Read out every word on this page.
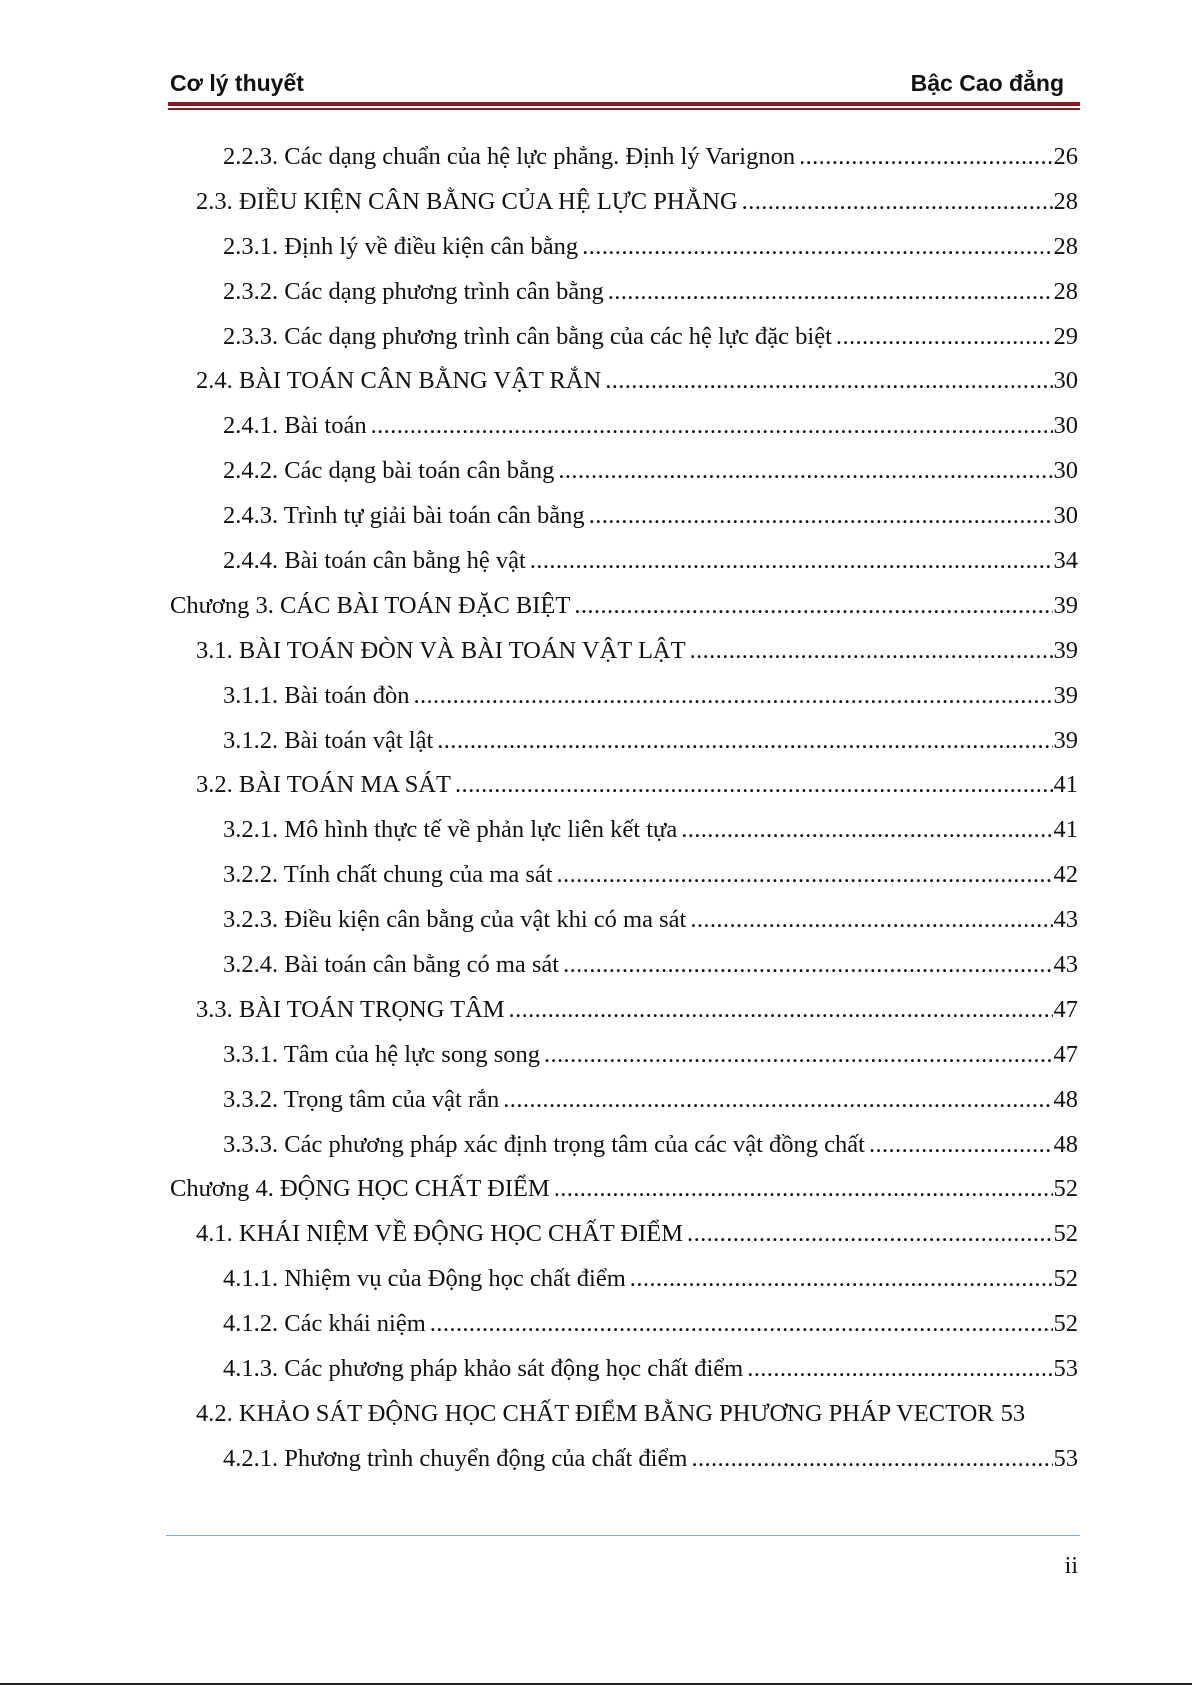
Cơ lý thuyết	Bậc Cao đẳng
2.2.3. Các dạng chuẩn của hệ lực phẳng. Định lý Varignon .....	26
2.3. ĐIỀU KIỆN CÂN BẰNG CỦA HỆ LỰC PHẲNG .....	28
2.3.1. Định lý về điều kiện cân bằng .....	28
2.3.2. Các dạng phương trình cân bằng .....	28
2.3.3. Các dạng phương trình cân bằng của các hệ lực đặc biệt .....	29
2.4. BÀI TOÁN CÂN BẰNG VẬT RẮN .....	30
2.4.1. Bài toán .....	30
2.4.2. Các dạng bài toán cân bằng .....	30
2.4.3. Trình tự giải bài toán cân bằng .....	30
2.4.4. Bài toán cân bằng hệ vật .....	34
Chương 3. CÁC BÀI TOÁN ĐẶC BIỆT .....	39
3.1. BÀI TOÁN ĐÒN VÀ BÀI TOÁN VẬT LẬT .....	39
3.1.1. Bài toán đòn .....	39
3.1.2. Bài toán vật lật .....	39
3.2. BÀI TOÁN MA SÁT .....	41
3.2.1. Mô hình thực tế về phản lực liên kết tựa .....	41
3.2.2. Tính chất chung của ma sát .....	42
3.2.3. Điều kiện cân bằng của vật khi có ma sát .....	43
3.2.4. Bài toán cân bằng có ma sát .....	43
3.3. BÀI TOÁN TRỌNG TÂM .....	47
3.3.1. Tâm của hệ lực song song .....	47
3.3.2. Trọng tâm của vật rắn .....	48
3.3.3. Các phương pháp xác định trọng tâm của các vật đồng chất .....	48
Chương 4. ĐỘNG HỌC CHẤT ĐIỂM .....	52
4.1. KHÁI NIỆM VỀ ĐỘNG HỌC CHẤT ĐIỂM .....	52
4.1.1. Nhiệm vụ của Động học chất điểm .....	52
4.1.2. Các khái niệm .....	52
4.1.3. Các phương pháp khảo sát động học chất điểm .....	53
4.2. KHẢO SÁT ĐỘNG HỌC CHẤT ĐIỂM BẰNG PHƯƠNG PHÁP VECTOR 53
4.2.1. Phương trình chuyển động của chất điểm .....	53
ii
